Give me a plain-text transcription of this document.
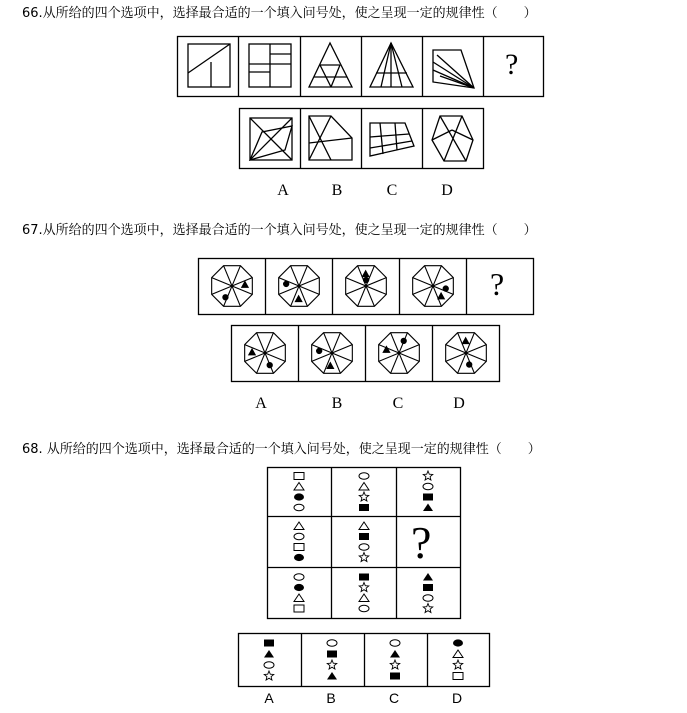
66.从所给的四个选项中，选择最合适的一个填入问号处，使之呈现一定的规律性（　　）
67.从所给的四个选项中，选择最合适的一个填入问号处，使之呈现一定的规律性（　　）
68. 从所给的四个选项中，选择最合适的一个填入问号处，使之呈现一定的规律性（　　）
?
A	B	C	D
?
A	B	C	D
?
A	B	C	D
